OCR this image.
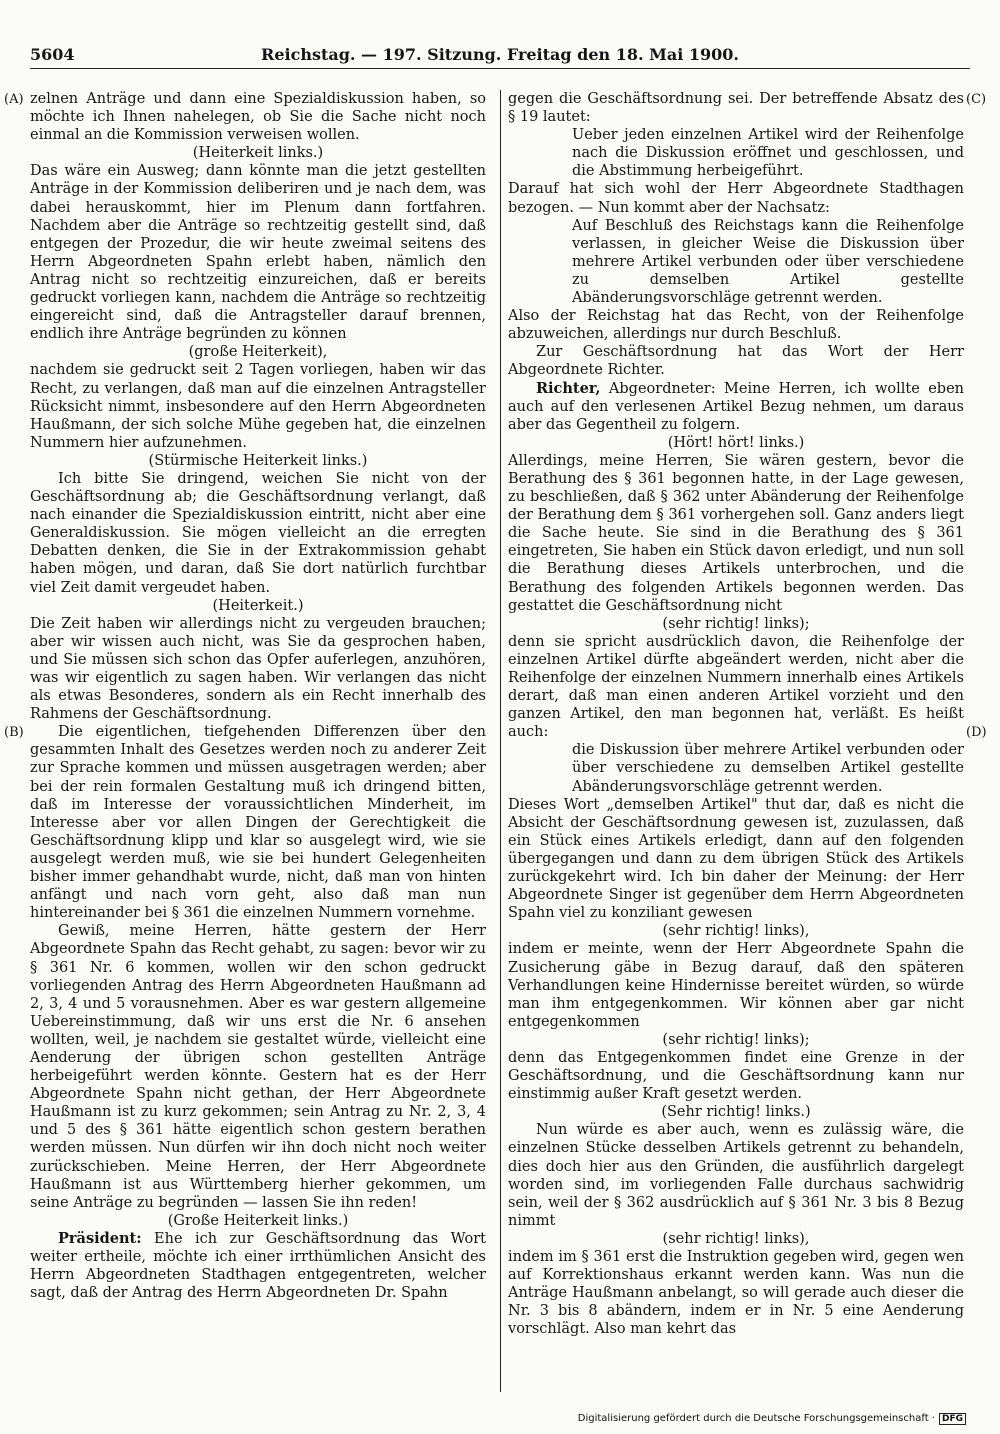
5604	Reichstag. — 197. Sitzung. Freitag den 18. Mai 1900.
(A)
(B)
(C)
(D)

zelnen Anträge und dann eine Spezialdiskussion haben, so möchte ich Ihnen nahelegen, ob Sie die Sache nicht noch einmal an die Kommission verweisen wollen.

(Heiterkeit links.)

Das wäre ein Ausweg; dann könnte man die jetzt gestellten Anträge in der Kommission deliberiren und je nach dem, was dabei herauskommt, hier im Plenum dann fortfahren. Nachdem aber die Anträge so rechtzeitig gestellt sind, daß entgegen der Prozedur, die wir heute zweimal seitens des Herrn Abgeordneten Spahn erlebt haben, nämlich den Antrag nicht so rechtzeitig einzureichen, daß er bereits gedruckt vorliegen kann, nachdem die Anträge so rechtzeitig eingereicht sind, daß die Antragsteller darauf brennen, endlich ihre Anträge begründen zu können

(große Heiterkeit),

nachdem sie gedruckt seit 2 Tagen vorliegen, haben wir das Recht, zu verlangen, daß man auf die einzelnen Antragsteller Rücksicht nimmt, insbesondere auf den Herrn Abgeordneten Haußmann, der sich solche Mühe gegeben hat, die einzelnen Nummern hier aufzunehmen.

(Stürmische Heiterkeit links.)

Ich bitte Sie dringend, weichen Sie nicht von der Geschäftsordnung ab; die Geschäftsordnung verlangt, daß nach einander die Spezialdiskussion eintritt, nicht aber eine Generaldiskussion. Sie mögen vielleicht an die erregten Debatten denken, die Sie in der Extrakommission gehabt haben mögen, und daran, daß Sie dort natürlich furchtbar viel Zeit damit vergeudet haben.

(Heiterkeit.)

Die Zeit haben wir allerdings nicht zu vergeuden brauchen; aber wir wissen auch nicht, was Sie da gesprochen haben, und Sie müssen sich schon das Opfer auferlegen, anzuhören, was wir eigentlich zu sagen haben. Wir verlangen das nicht als etwas Besonderes, sondern als ein Recht innerhalb des Rahmens der Geschäftsordnung.

Die eigentlichen, tiefgehenden Differenzen über den gesammten Inhalt des Gesetzes werden noch zu anderer Zeit zur Sprache kommen und müssen ausgetragen werden; aber bei der rein formalen Gestaltung muß ich dringend bitten, daß im Interesse der voraussichtlichen Minderheit, im Interesse aber vor allen Dingen der Gerechtigkeit die Geschäftsordnung klipp und klar so ausgelegt wird, wie sie ausgelegt werden muß, wie sie bei hundert Gelegenheiten bisher immer gehandhabt wurde, nicht, daß man von hinten anfängt und nach vorn geht, also daß man nun hintereinander bei § 361 die einzelnen Nummern vornehme.

Gewiß, meine Herren, hätte gestern der Herr Abgeordnete Spahn das Recht gehabt, zu sagen: bevor wir zu § 361 Nr. 6 kommen, wollen wir den schon gedruckt vorliegenden Antrag des Herrn Abgeordneten Haußmann ad 2, 3, 4 und 5 vorausnehmen. Aber es war gestern allgemeine Uebereinstimmung, daß wir uns erst die Nr. 6 ansehen wollten, weil, je nachdem sie gestaltet würde, vielleicht eine Aenderung der übrigen schon gestellten Anträge herbeigeführt werden könnte. Gestern hat es der Herr Abgeordnete Spahn nicht gethan, der Herr Abgeordnete Haußmann ist zu kurz gekommen; sein Antrag zu Nr. 2, 3, 4 und 5 des § 361 hätte eigentlich schon gestern berathen werden müssen. Nun dürfen wir ihn doch nicht noch weiter zurückschieben. Meine Herren, der Herr Abgeordnete Haußmann ist aus Württemberg hierher gekommen, um seine Anträge zu begründen — lassen Sie ihn reden!

(Große Heiterkeit links.)

Präsident: Ehe ich zur Geschäftsordnung das Wort weiter ertheile, möchte ich einer irrthümlichen Ansicht des Herrn Abgeordneten Stadthagen entgegentreten, welcher sagt, daß der Antrag des Herrn Abgeordneten Dr. Spahn

gegen die Geschäftsordnung sei. Der betreffende Absatz des § 19 lautet:

Ueber jeden einzelnen Artikel wird der Reihenfolge nach die Diskussion eröffnet und geschlossen, und die Abstimmung herbeigeführt.

Darauf hat sich wohl der Herr Abgeordnete Stadthagen bezogen. — Nun kommt aber der Nachsatz:

Auf Beschluß des Reichstags kann die Reihenfolge verlassen, in gleicher Weise die Diskussion über mehrere Artikel verbunden oder über verschiedene zu demselben Artikel gestellte Abänderungsvorschläge getrennt werden.

Also der Reichstag hat das Recht, von der Reihenfolge abzuweichen, allerdings nur durch Beschluß.

Zur Geschäftsordnung hat das Wort der Herr Abgeordnete Richter.

Richter, Abgeordneter: Meine Herren, ich wollte eben auch auf den verlesenen Artikel Bezug nehmen, um daraus aber das Gegentheil zu folgern.

(Hört! hört! links.)

Allerdings, meine Herren, Sie wären gestern, bevor die Berathung des § 361 begonnen hatte, in der Lage gewesen, zu beschließen, daß § 362 unter Abänderung der Reihenfolge der Berathung dem § 361 vorhergehen soll. Ganz anders liegt die Sache heute. Sie sind in die Berathung des § 361 eingetreten, Sie haben ein Stück davon erledigt, und nun soll die Berathung dieses Artikels unterbrochen, und die Berathung des folgenden Artikels begonnen werden. Das gestattet die Geschäftsordnung nicht

(sehr richtig! links);

denn sie spricht ausdrücklich davon, die Reihenfolge der einzelnen Artikel dürfte abgeändert werden, nicht aber die Reihenfolge der einzelnen Nummern innerhalb eines Artikels derart, daß man einen anderen Artikel vorzieht und den ganzen Artikel, den man begonnen hat, verläßt. Es heißt auch:

die Diskussion über mehrere Artikel verbunden oder über verschiedene zu demselben Artikel gestellte Abänderungsvorschläge getrennt werden.

Dieses Wort „demselben Artikel" thut dar, daß es nicht die Absicht der Geschäftsordnung gewesen ist, zuzulassen, daß ein Stück eines Artikels erledigt, dann auf den folgenden übergegangen und dann zu dem übrigen Stück des Artikels zurückgekehrt wird. Ich bin daher der Meinung: der Herr Abgeordnete Singer ist gegenüber dem Herrn Abgeordneten Spahn viel zu konziliant gewesen

(sehr richtig! links),

indem er meinte, wenn der Herr Abgeordnete Spahn die Zusicherung gäbe in Bezug darauf, daß den späteren Verhandlungen keine Hindernisse bereitet würden, so würde man ihm entgegenkommen. Wir können aber gar nicht entgegenkommen

(sehr richtig! links);

denn das Entgegenkommen findet eine Grenze in der Geschäftsordnung, und die Geschäftsordnung kann nur einstimmig außer Kraft gesetzt werden.

(Sehr richtig! links.)

Nun würde es aber auch, wenn es zulässig wäre, die einzelnen Stücke desselben Artikels getrennt zu behandeln, dies doch hier aus den Gründen, die ausführlich dargelegt worden sind, im vorliegenden Falle durchaus sachwidrig sein, weil der § 362 ausdrücklich auf § 361 Nr. 3 bis 8 Bezug nimmt

(sehr richtig! links),

indem im § 361 erst die Instruktion gegeben wird, gegen wen auf Korrektionshaus erkannt werden kann. Was nun die Anträge Haußmann anbelangt, so will gerade auch dieser die Nr. 3 bis 8 abändern, indem er in Nr. 5 eine Aenderung vorschlägt. Also man kehrt das

Digitalisierung gefördert durch die Deutsche Forschungsgemeinschaft · DFG
